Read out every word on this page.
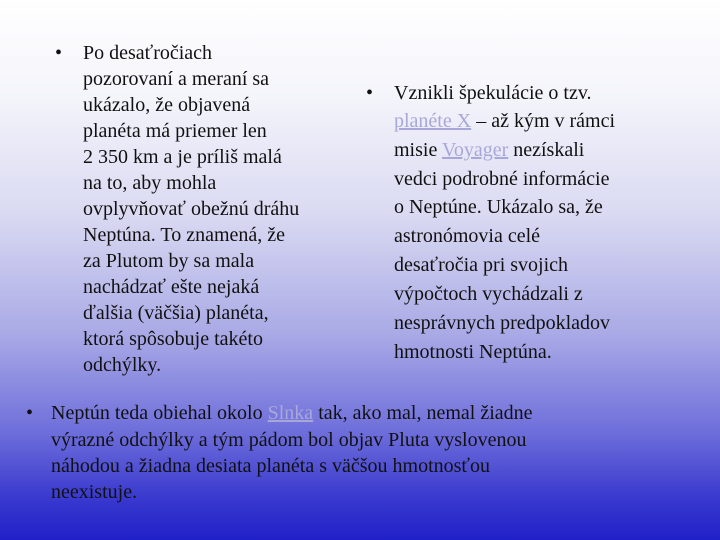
• Po desaťročiach
pozorovaní a meraní sa
ukázalo, že objavená
planéta má priemer len
2 350 km a je príliš malá
na to, aby mohla
ovplyvňovať obežnú dráhu
Neptúna. To znamená, že
za Plutom by sa mala
nachádzať ešte nejaká
ďalšia (väčšia) planéta,
ktorá spôsobuje takéto
odchýlky.
• Vznikli špekulácie o tzv.
planéte X – až kým v rámci
misie Voyager nezískali
vedci podrobné informácie
o Neptúne. Ukázalo sa, že
astronómovia celé
desaťročia pri svojich
výpočtoch vychádzali z
nesprávnych predpokladov
hmotnosti Neptúna.
• Neptún teda obiehal okolo Slnka tak, ako mal, nemal žiadne
výrazné odchýlky a tým pádom bol objav Pluta vyslovenou
náhodou a žiadna desiata planéta s väčšou hmotnosťou
neexistuje.
